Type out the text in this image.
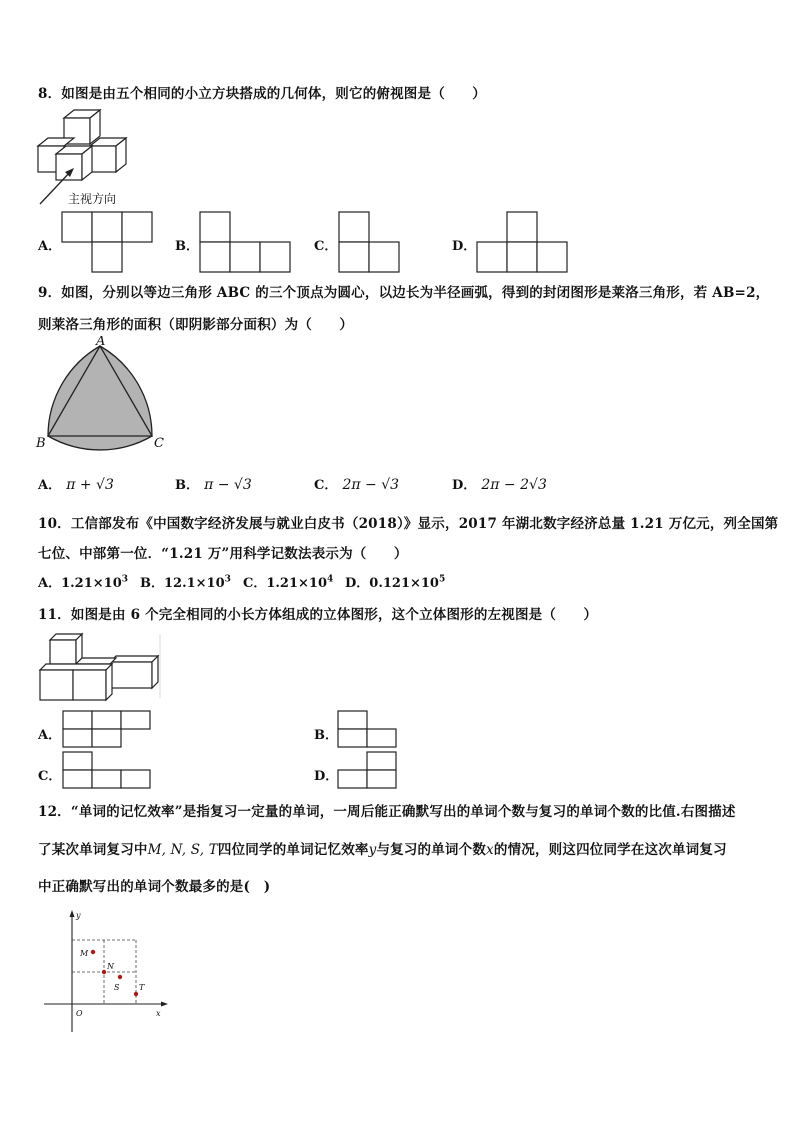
8．如图是由五个相同的小立方块搭成的几何体，则它的俯视图是（　　）
主视方向
A．	B．	C．	D．
9．如图，分别以等边三角形 ABC 的三个顶点为圆心，以边长为半径画弧，得到的封闭图形是莱洛三角形，若 AB=2，
则莱洛三角形的面积（即阴影部分面积）为（　　）
A
B	C
A． π + √3	B． π − √3	C． 2π − √3	D． 2π − 2√3
10．工信部发布《中国数字经济发展与就业白皮书（2018）》显示，2017 年湖北数字经济总量 1.21 万亿元，列全国第
七位、中部第一位．“1.21 万”用科学记数法表示为（　　）
A．$1.21\times 10^3$ B．$12.1\times 10^3$ C．$1.21\times 10^4$ D．$0.121\times 10^5$
11．如图是由 6 个完全相同的小长方体组成的立体图形，这个立体图形的左视图是（　　）
A．	B．
C．	D．
12．“单词的记忆效率”是指复习一定量的单词，一周后能正确默写出的单词个数与复习的单词个数的比值.右图描述
了某次单词复习中M, N, S, T四位同学的单词记忆效率y与复习的单词个数x的情况，则这四位同学在这次单词复习
中正确默写出的单词个数最多的是(　)
y
x
O
M
N
S T
